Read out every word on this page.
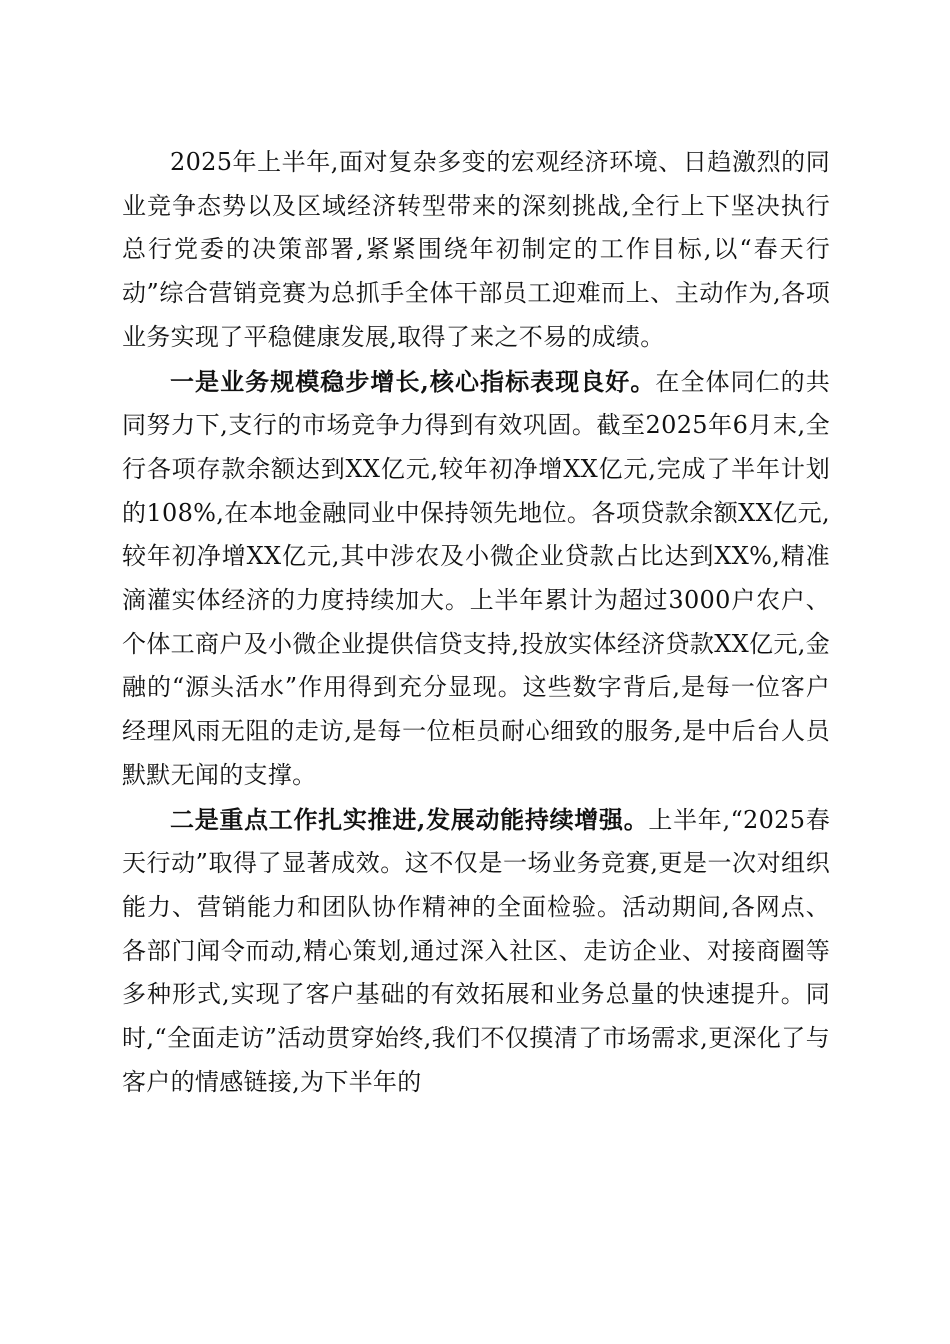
2025年上半年,面对复杂多变的宏观经济环境、日趋激烈的同业竞争态势以及区域经济转型带来的深刻挑战,全行上下坚决执行总行党委的决策部署,紧紧围绕年初制定的工作目标,以“春天行动”综合营销竞赛为总抓手全体干部员工迎难而上、主动作为,各项业务实现了平稳健康发展,取得了来之不易的成绩。

一是业务规模稳步增长,核心指标表现良好。在全体同仁的共同努力下,支行的市场竞争力得到有效巩固。截至2025年6月末,全行各项存款余额达到XX亿元,较年初净增XX亿元,完成了半年计划的108%,在本地金融同业中保持领先地位。各项贷款余额XX亿元,较年初净增XX亿元,其中涉农及小微企业贷款占比达到XX%,精准滴灌实体经济的力度持续加大。上半年累计为超过3000户农户、个体工商户及小微企业提供信贷支持,投放实体经济贷款XX亿元,金融的“源头活水”作用得到充分显现。这些数字背后,是每一位客户经理风雨无阻的走访,是每一位柜员耐心细致的服务,是中后台人员默默无闻的支撑。

二是重点工作扎实推进,发展动能持续增强。上半年,“2025春天行动”取得了显著成效。这不仅是一场业务竞赛,更是一次对组织能力、营销能力和团队协作精神的全面检验。活动期间,各网点、各部门闻令而动,精心策划,通过深入社区、走访企业、对接商圈等多种形式,实现了客户基础的有效拓展和业务总量的快速提升。同时,“全面走访”活动贯穿始终,我们不仅摸清了市场需求,更深化了与客户的情感链接,为下半年的
